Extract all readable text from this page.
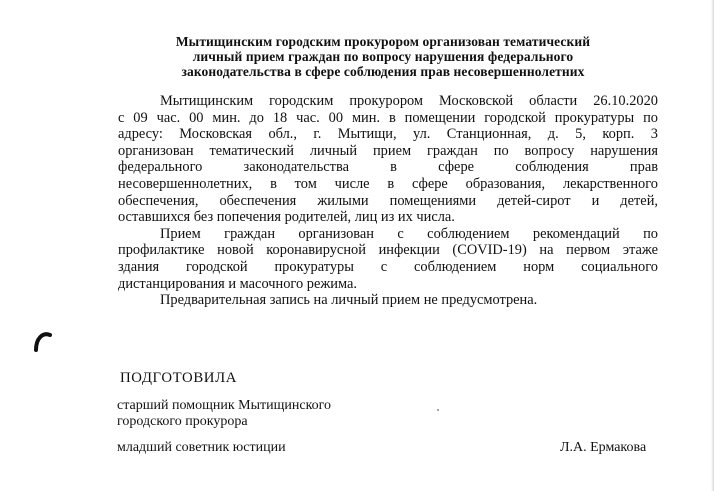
Мытищинским городским прокурором организован тематический
личный прием граждан по вопросу нарушения федерального
законодательства в сфере соблюдения прав несовершеннолетних
Мытищинским городским прокурором Московской области 26.10.2020
с 09 час. 00 мин. до 18 час. 00 мин. в помещении городской прокуратуры по
адресу: Московская обл., г. Мытищи, ул. Станционная, д. 5, корп. 3
организован тематический личный прием граждан по вопросу нарушения
федерального законодательства в сфере соблюдения прав
несовершеннолетних, в том числе в сфере образования, лекарственного
обеспечения, обеспечения жилыми помещениями детей-сирот и детей,
оставшихся без попечения родителей, лиц из их числа.
Прием граждан организован с соблюдением рекомендаций по
профилактике новой коронавирусной инфекции (COVID-19) на первом этаже
здания городской прокуратуры с соблюдением норм социального
дистанцирования и масочного режима.
Предварительная запись на личный прием не предусмотрена.
ПОДГОТОВИЛА
старший помощник Мытищинского
городского прокурора
младший советник юстиции	Л.А. Ермакова
